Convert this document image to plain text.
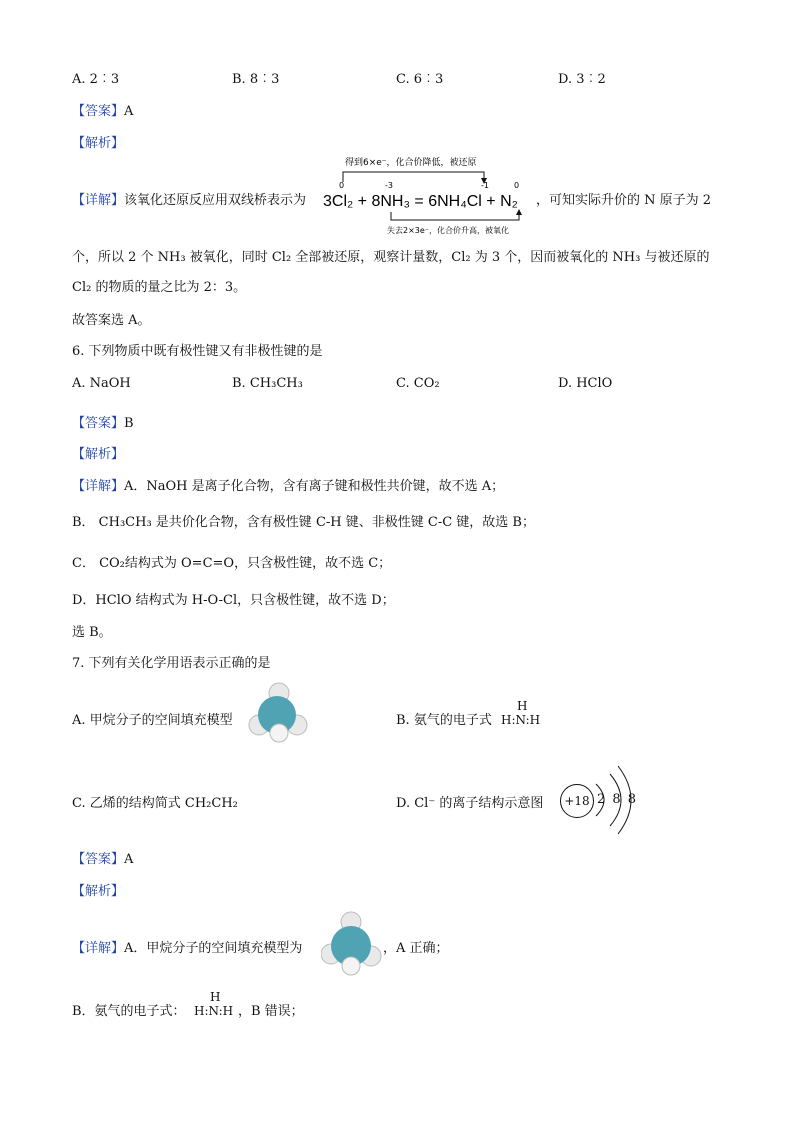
A. 2︰3	B. 8︰3	C. 6︰3	D. 3︰2
【答案】A
【解析】
【详解】该氧化还原反应用双线桥表示为
得到6×e⁻，化合价降低，被还原
0	-3	-1	0
3Cl₂ + 8NH₃ = 6NH₄Cl + N₂
失去2×3e⁻，化合价升高，被氧化
，可知实际升价的 N 原子为 2
个，所以 2 个 NH₃ 被氧化，同时 Cl₂ 全部被还原，观察计量数，Cl₂ 为 3 个，因而被氧化的 NH₃ 与被还原的
Cl₂ 的物质的量之比为 2：3。
故答案选 A。
6. 下列物质中既有极性键又有非极性键的是
A. NaOH	B. CH₃CH₃	C. CO₂	D. HClO
【答案】B
【解析】
【详解】A．NaOH 是离子化合物，含有离子键和极性共价键，故不选 A；
B． CH₃CH₃ 是共价化合物，含有极性键 C-H 键、非极性键 C-C 键，故选 B；
C． CO₂结构式为 O=C=O，只含极性键，故不选 C；
D．HClO 结构式为 H-O-Cl，只含极性键，故不选 D；
选 B。
7. 下列有关化学用语表示正确的是
A. 甲烷分子的空间填充模型	B. 氨气的电子式
H
H:N:H
C. 乙烯的结构简式 CH₂CH₂	D. Cl⁻ 的离子结构示意图	+18 2 8 8
【答案】A
【解析】
【详解】A．甲烷分子的空间填充模型为	，A 正确；
B．氨气的电子式：
H
H:N:H ，B 错误；
